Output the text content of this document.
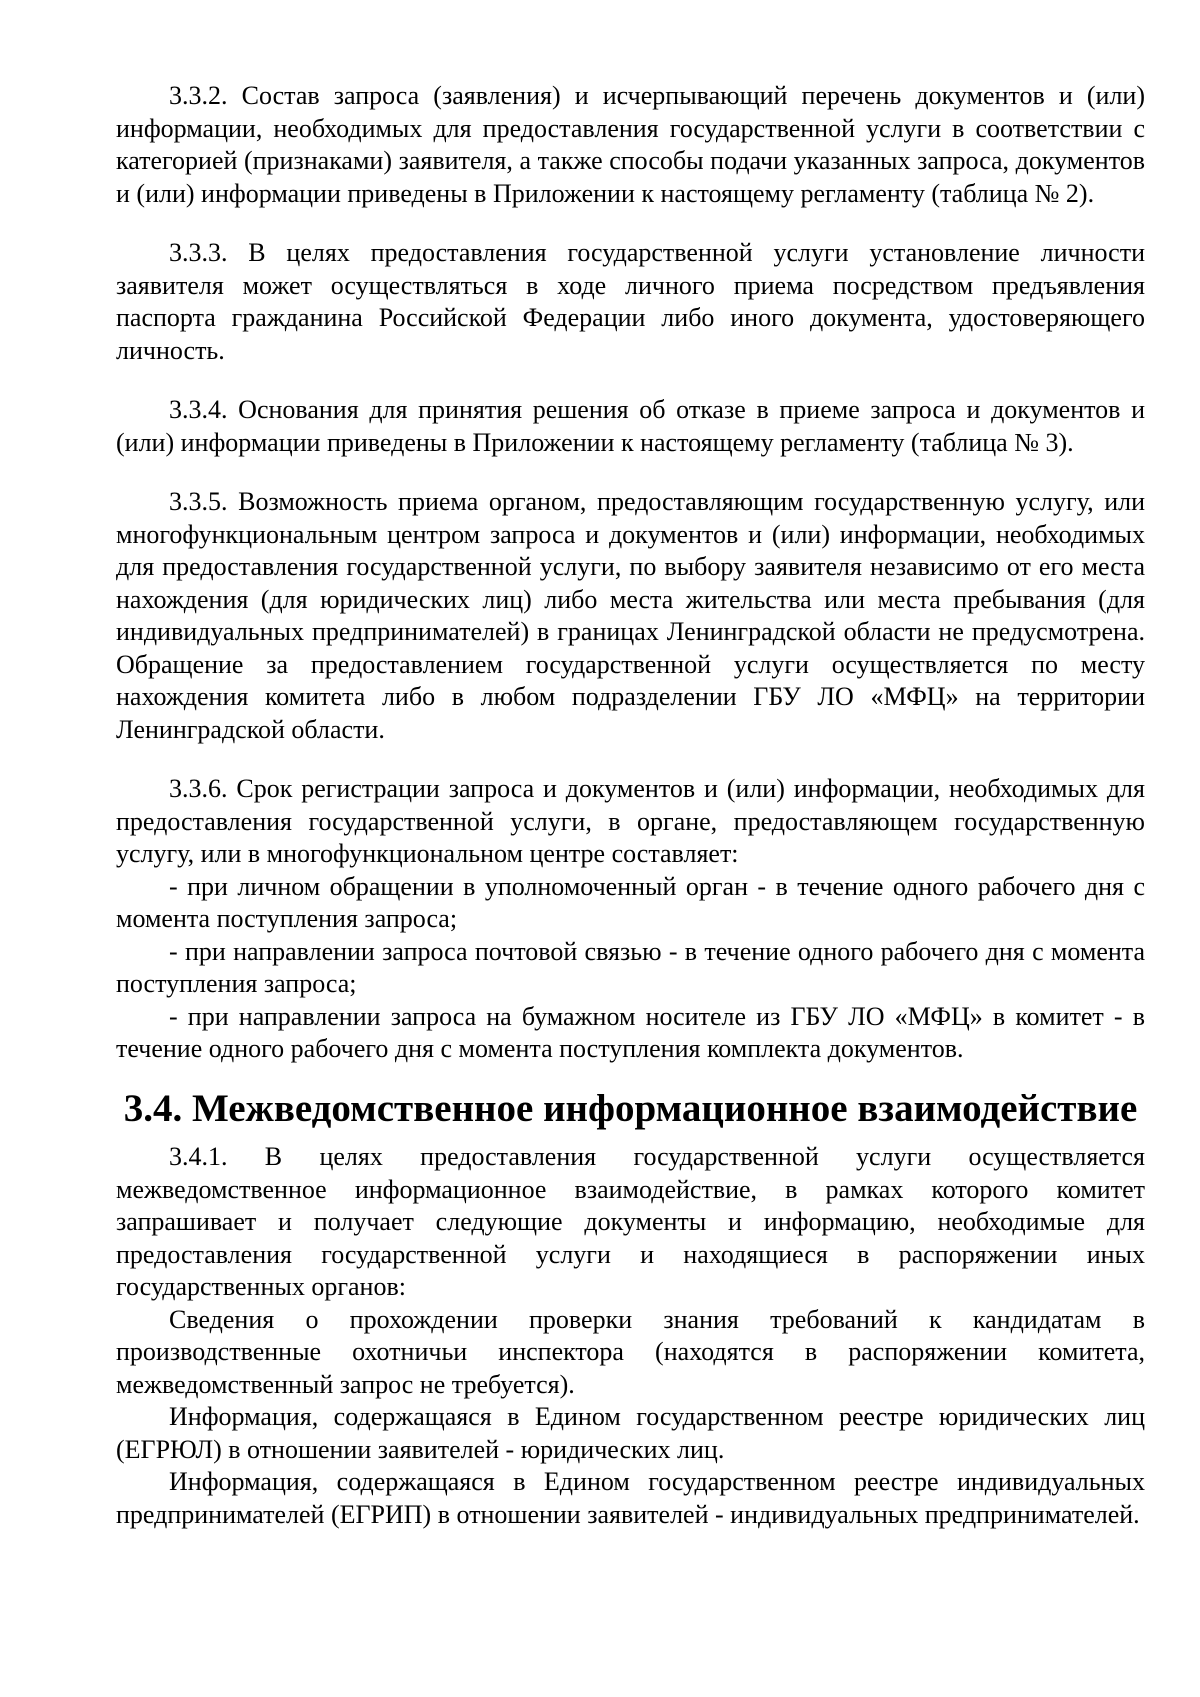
3.3.2. Состав запроса (заявления) и исчерпывающий перечень документов и (или) информации, необходимых для предоставления государственной услуги в соответствии с категорией (признаками) заявителя, а также способы подачи указанных запроса, документов и (или) информации приведены в Приложении к настоящему регламенту (таблица № 2).

3.3.3. В целях предоставления государственной услуги установление личности заявителя может осуществляться в ходе личного приема посредством предъявления паспорта гражданина Российской Федерации либо иного документа, удостоверяющего личность.

3.3.4. Основания для принятия решения об отказе в приеме запроса и документов и (или) информации приведены в Приложении к настоящему регламенту (таблица № 3).

3.3.5. Возможность приема органом, предоставляющим государственную услугу, или многофункциональным центром запроса и документов и (или) информации, необходимых для предоставления государственной услуги, по выбору заявителя независимо от его места нахождения (для юридических лиц) либо места жительства или места пребывания (для индивидуальных предпринимателей) в границах Ленинградской области не предусмотрена. Обращение за предоставлением государственной услуги осуществляется по месту нахождения комитета либо в любом подразделении ГБУ ЛО «МФЦ» на территории Ленинградской области.

3.3.6. Срок регистрации запроса и документов и (или) информации, необходимых для предоставления государственной услуги, в органе, предоставляющем государственную услугу, или в многофункциональном центре составляет:

- при личном обращении в уполномоченный орган - в течение одного рабочего дня с момента поступления запроса;

- при направлении запроса почтовой связью - в течение одного рабочего дня с момента поступления запроса;

- при направлении запроса на бумажном носителе из ГБУ ЛО «МФЦ» в комитет - в течение одного рабочего дня с момента поступления комплекта документов.

3.4. Межведомственное информационное взаимодействие

3.4.1. В целях предоставления государственной услуги осуществляется межведомственное информационное взаимодействие, в рамках которого комитет запрашивает и получает следующие документы и информацию, необходимые для предоставления государственной услуги и находящиеся в распоряжении иных государственных органов:

Сведения о прохождении проверки знания требований к кандидатам в производственные охотничьи инспектора (находятся в распоряжении комитета, межведомственный запрос не требуется).

Информация, содержащаяся в Едином государственном реестре юридических лиц (ЕГРЮЛ) в отношении заявителей - юридических лиц.

Информация, содержащаяся в Едином государственном реестре индивидуальных предпринимателей (ЕГРИП) в отношении заявителей - индивидуальных предпринимателей.
